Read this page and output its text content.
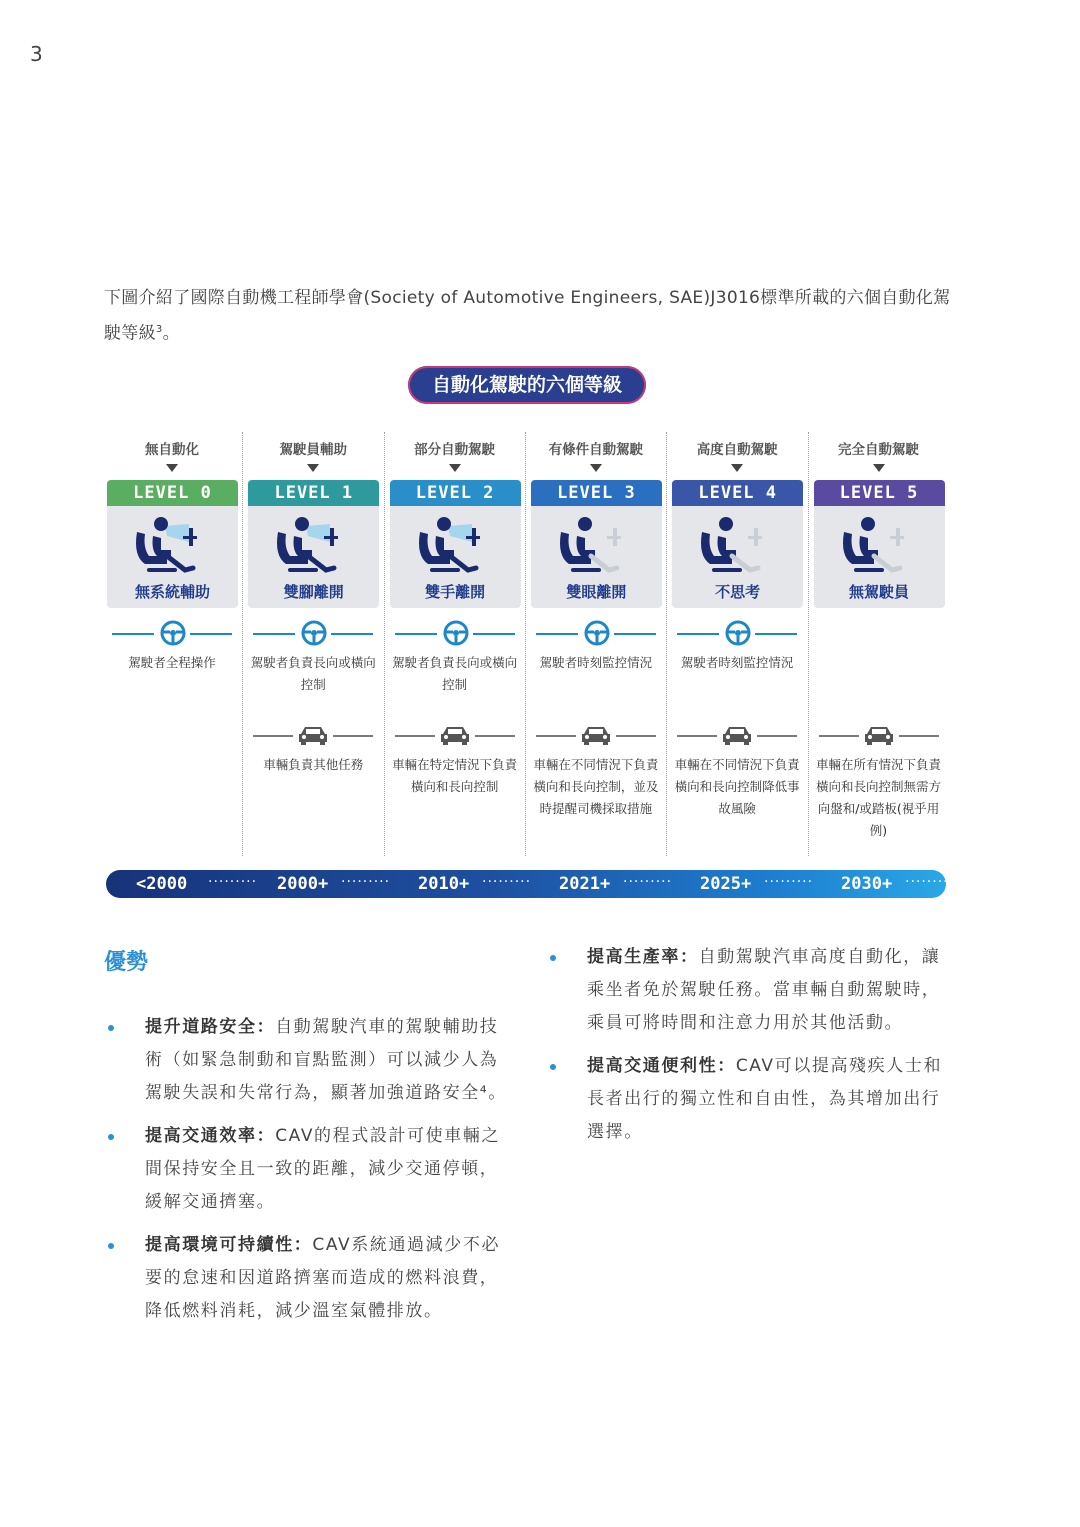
3

下圖介紹了國際自動機工程師學會(Society of Automotive Engineers, SAE)J3016標準所載的六個自動化駕駛等級$^3$。

自動化駕駛的六個等級
無自動化
LEVEL 0
無系統輔助
駕駛者全程操作
駕駛員輔助
LEVEL 1
雙腳離開
駕駛者負責長向或橫向控制
車輛負責其他任務
部分自動駕駛
LEVEL 2
雙手離開
駕駛者負責長向或橫向控制
車輛在特定情況下負責橫向和長向控制
有條件自動駕駛
LEVEL 3
雙眼離開
駕駛者時刻監控情況
車輛在不同情況下負責橫向和長向控制，並及時提醒司機採取措施
高度自動駕駛
LEVEL 4
不思考
駕駛者時刻監控情況
車輛在不同情況下負責橫向和長向控制降低事故風險
完全自動駕駛
LEVEL 5
無駕駛員
車輛在所有情況下負責橫向和長向控制無需方向盤和/或踏板(視乎用例)
<2000 ········· 2000+ ········· 2010+ ········· 2021+ ········· 2025+ ········· 2030+ ·········
優勢
提升道路安全：自動駕駛汽車的駕駛輔助技術（如緊急制動和盲點監測）可以減少人為駕駛失誤和失常行為，顯著加強道路安全⁴。
提高交通效率：CAV的程式設計可使車輛之間保持安全且一致的距離，減少交通停頓，緩解交通擠塞。
提高環境可持續性：CAV系統通過減少不必要的怠速和因道路擠塞而造成的燃料浪費，降低燃料消耗，減少溫室氣體排放。
提高生產率：自動駕駛汽車高度自動化，讓乘坐者免於駕駛任務。當車輛自動駕駛時，乘員可將時間和注意力用於其他活動。
提高交通便利性：CAV可以提高殘疾人士和長者出行的獨立性和自由性，為其增加出行選擇。
